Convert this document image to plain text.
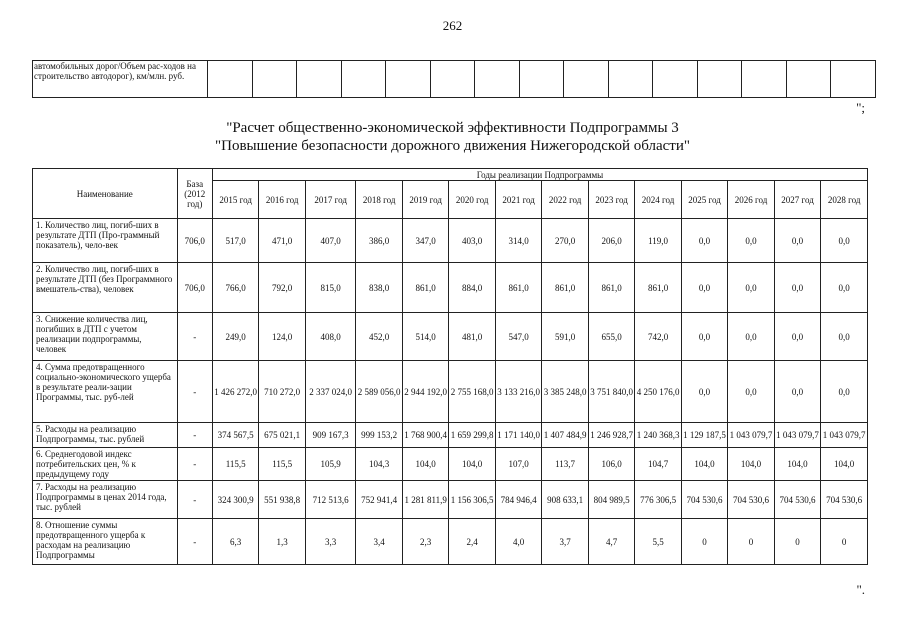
262
автомобильных дорог/Объем рас-ходов на строительство автодорог), км/млн. руб.															
";
"Расчет общественно-экономической эффективности Подпрограммы 3
"Повышение безопасности дорожного движения Нижегородской области"
Наименование	База (2012 год)	Годы реализации Подпрограммы													
		2015 год	2016 год	2017 год	2018 год	2019 год	2020 год	2021 год	2022 год	2023 год	2024 год	2025 год	2026 год	2027 год	2028 год
1. Количество лиц, погиб-ших в результате ДТП (Про-граммный показатель), чело-век	706,0	517,0	471,0	407,0	386,0	347,0	403,0	314,0	270,0	206,0	119,0	0,0	0,0	0,0	0,0
2. Количество лиц, погиб-ших в результате ДТП (без Программного вмешатель-ства), человек	706,0	766,0	792,0	815,0	838,0	861,0	884,0	861,0	861,0	861,0	861,0	0,0	0,0	0,0	0,0
3. Снижение количества лиц, погибших в ДТП с учетом реализации подпрограммы, человек	-	249,0	124,0	408,0	452,0	514,0	481,0	547,0	591,0	655,0	742,0	0,0	0,0	0,0	0,0
4. Сумма предотвращенного социально-экономического ущерба в результате реали-зации Программы, тыс. руб-лей	-	1 426 272,0	710 272,0	2 337 024,0	2 589 056,0	2 944 192,0	2 755 168,0	3 133 216,0	3 385 248,0	3 751 840,0	4 250 176,0	0,0	0,0	0,0	0,0
5. Расходы на реализацию Подпрограммы, тыс. рублей	-	374 567,5	675 021,1	909 167,3	999 153,2	1 768 900,4	1 659 299,8	1 171 140,0	1 407 484,9	1 246 928,7	1 240 368,3	1 129 187,5	1 043 079,7	1 043 079,7	1 043 079,7
6. Среднегодовой индекс потребительских цен, % к предыдущему году	-	115,5	115,5	105,9	104,3	104,0	104,0	107,0	113,7	106,0	104,7	104,0	104,0	104,0	104,0
7. Расходы на реализацию Подпрограммы в ценах 2014 года, тыс. рублей	-	324 300,9	551 938,8	712 513,6	752 941,4	1 281 811,9	1 156 306,5	784 946,4	908 633,1	804 989,5	776 306,5	704 530,6	704 530,6	704 530,6	704 530,6
8. Отношение суммы предотвращенного ущерба к расходам на реализацию Подпрограммы	-	6,3	1,3	3,3	3,4	2,3	2,4	4,0	3,7	4,7	5,5	0	0	0	0
".
